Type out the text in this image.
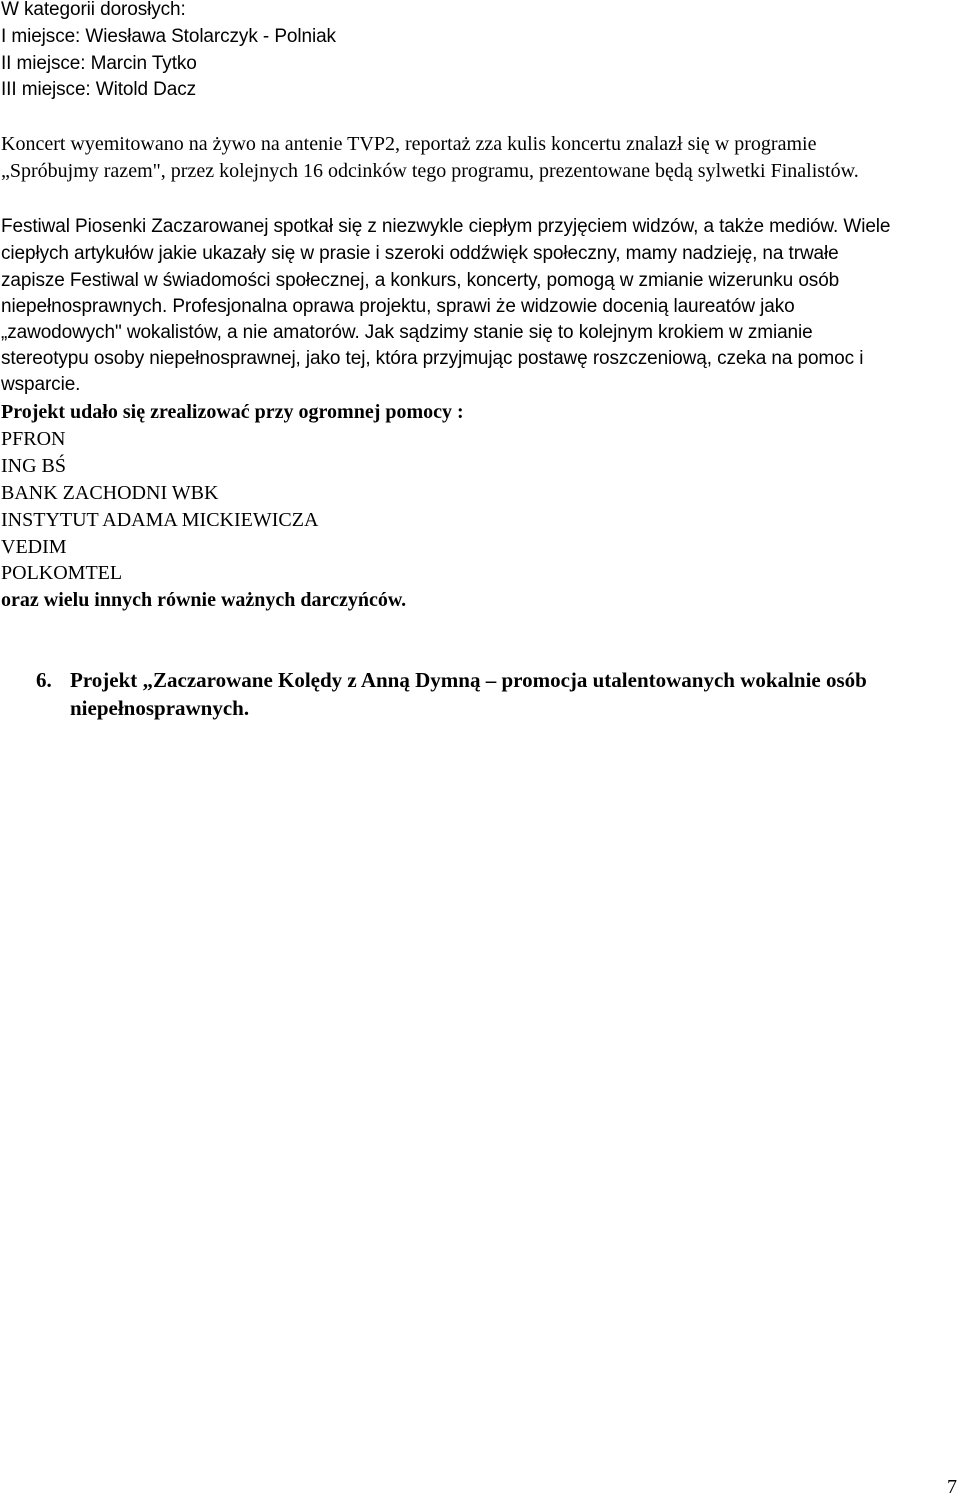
W kategorii dorosłych:
I miejsce: Wiesława Stolarczyk - Polniak
II miejsce: Marcin Tytko
III miejsce: Witold Dacz
Koncert wyemitowano na żywo na antenie TVP2, reportaż zza kulis koncertu znalazł się w programie
„Spróbujmy razem", przez kolejnych 16 odcinków tego programu, prezentowane będą sylwetki Finalistów.
Festiwal Piosenki Zaczarowanej spotkał się z niezwykle ciepłym przyjęciem widzów, a także mediów. Wiele
ciepłych artykułów jakie ukazały się w prasie i szeroki oddźwięk społeczny, mamy nadzieję, na trwałe
zapisze Festiwal w świadomości społecznej, a konkurs, koncerty, pomogą w zmianie wizerunku osób
niepełnosprawnych. Profesjonalna oprawa projektu, sprawi że widzowie docenią laureatów jako
„zawodowych" wokalistów, a nie amatorów. Jak sądzimy stanie się to kolejnym krokiem w zmianie
stereotypu osoby niepełnosprawnej, jako tej, która przyjmując postawę roszczeniową, czeka na pomoc i
wsparcie.
Projekt udało się zrealizować przy ogromnej pomocy :
PFRON
ING BŚ
BANK ZACHODNI WBK
INSTYTUT ADAMA MICKIEWICZA
VEDIM
POLKOMTEL
oraz wielu innych równie ważnych darczyńców.
6. Projekt „Zaczarowane Kolędy z Anną Dymną – promocja utalentowanych wokalnie osób
niepełnosprawnych.
7
